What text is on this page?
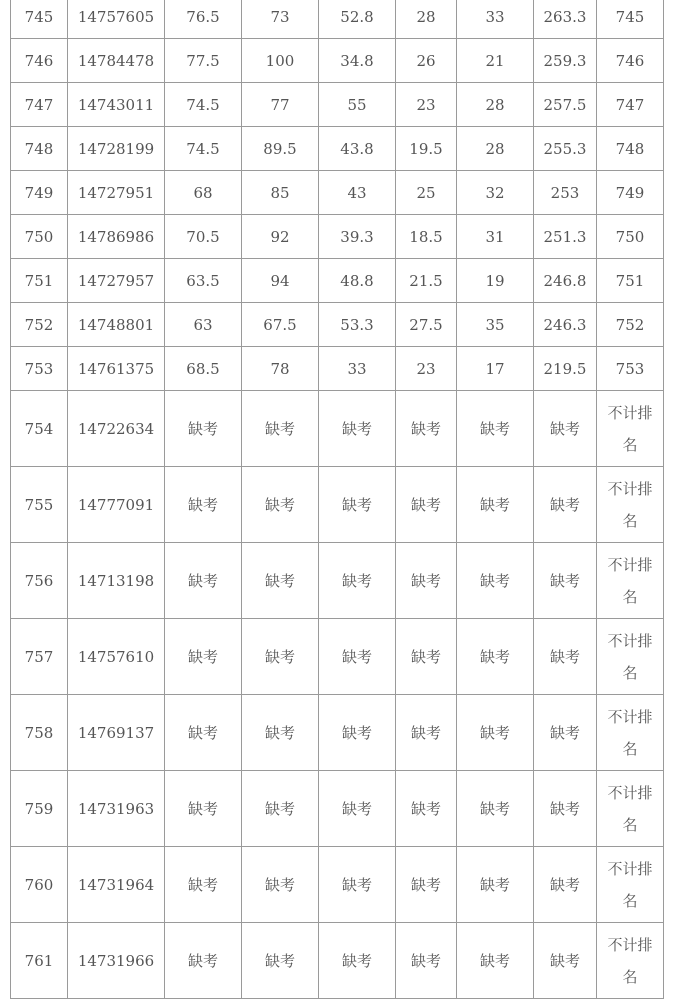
745	14757605	76.5	73	52.8	28	33	263.3	745
746	14784478	77.5	100	34.8	26	21	259.3	746
747	14743011	74.5	77	55	23	28	257.5	747
748	14728199	74.5	89.5	43.8	19.5	28	255.3	748
749	14727951	68	85	43	25	32	253	749
750	14786986	70.5	92	39.3	18.5	31	251.3	750
751	14727957	63.5	94	48.8	21.5	19	246.8	751
752	14748801	63	67.5	53.3	27.5	35	246.3	752
753	14761375	68.5	78	33	23	17	219.5	753
754	14722634	缺考	缺考	缺考	缺考	缺考	缺考	不计排名
755	14777091	缺考	缺考	缺考	缺考	缺考	缺考	不计排名
756	14713198	缺考	缺考	缺考	缺考	缺考	缺考	不计排名
757	14757610	缺考	缺考	缺考	缺考	缺考	缺考	不计排名
758	14769137	缺考	缺考	缺考	缺考	缺考	缺考	不计排名
759	14731963	缺考	缺考	缺考	缺考	缺考	缺考	不计排名
760	14731964	缺考	缺考	缺考	缺考	缺考	缺考	不计排名
761	14731966	缺考	缺考	缺考	缺考	缺考	缺考	不计排名
